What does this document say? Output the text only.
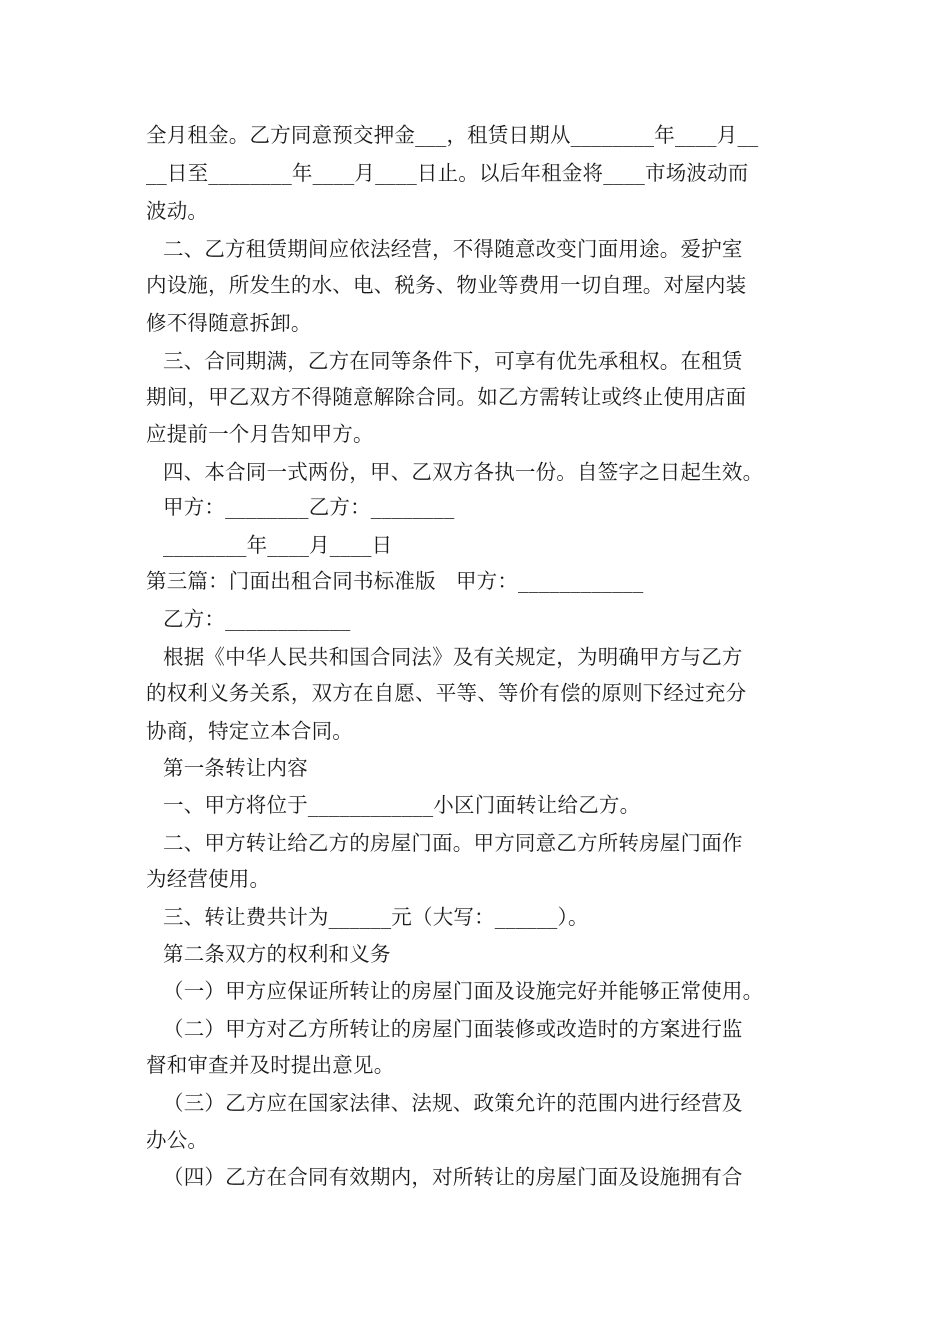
全月租金。乙方同意预交押金___，租赁日期从________年____月__
__日至________年____月____日止。以后年租金将____市场波动而
波动。
二、乙方租赁期间应依法经营，不得随意改变门面用途。爱护室
内设施，所发生的水、电、税务、物业等费用一切自理。对屋内装
修不得随意拆卸。
三、合同期满，乙方在同等条件下，可享有优先承租权。在租赁
期间，甲乙双方不得随意解除合同。如乙方需转让或终止使用店面
应提前一个月告知甲方。
四、本合同一式两份，甲、乙双方各执一份。自签字之日起生效。
甲方：________乙方：________
________年____月____日
第三篇：门面出租合同书标准版   甲方：____________
乙方：____________
根据《中华人民共和国合同法》及有关规定，为明确甲方与乙方
的权利义务关系，双方在自愿、平等、等价有偿的原则下经过充分
协商，特定立本合同。
第一条转让内容
一、甲方将位于____________小区门面转让给乙方。
二、甲方转让给乙方的房屋门面。甲方同意乙方所转房屋门面作
为经营使用。
三、转让费共计为______元（大写：______）。
第二条双方的权利和义务
（一）甲方应保证所转让的房屋门面及设施完好并能够正常使用。
（二）甲方对乙方所转让的房屋门面装修或改造时的方案进行监
督和审查并及时提出意见。
（三）乙方应在国家法律、法规、政策允许的范围内进行经营及
办公。
（四）乙方在合同有效期内，对所转让的房屋门面及设施拥有合
